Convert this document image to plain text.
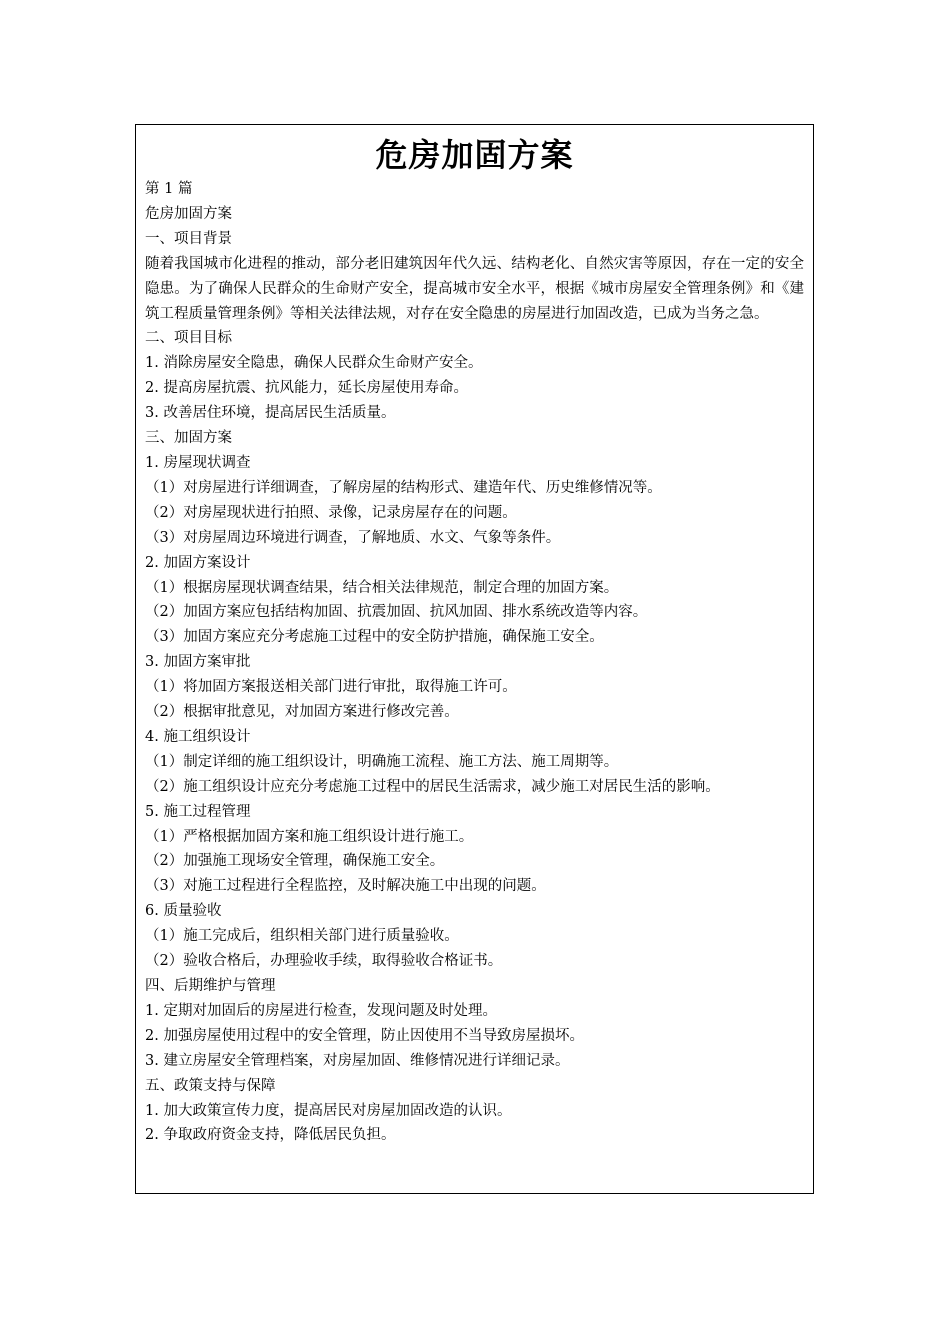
危房加固方案
第 1 篇
危房加固方案
一、项目背景
随着我国城市化进程的推动，部分老旧建筑因年代久远、结构老化、自然灾害等原因，存在一定的安全隐患。为了确保人民群众的生命财产安全，提高城市安全水平，根据《城市房屋安全管理条例》和《建筑工程质量管理条例》等相关法律法规，对存在安全隐患的房屋进行加固改造，已成为当务之急。
二、项目目标
1. 消除房屋安全隐患，确保人民群众生命财产安全。
2. 提高房屋抗震、抗风能力，延长房屋使用寿命。
3. 改善居住环境，提高居民生活质量。
三、加固方案
1. 房屋现状调查
（1）对房屋进行详细调查，了解房屋的结构形式、建造年代、历史维修情况等。
（2）对房屋现状进行拍照、录像，记录房屋存在的问题。
（3）对房屋周边环境进行调查，了解地质、水文、气象等条件。
2. 加固方案设计
（1）根据房屋现状调查结果，结合相关法律规范，制定合理的加固方案。
（2）加固方案应包括结构加固、抗震加固、抗风加固、排水系统改造等内容。
（3）加固方案应充分考虑施工过程中的安全防护措施，确保施工安全。
3. 加固方案审批
（1）将加固方案报送相关部门进行审批，取得施工许可。
（2）根据审批意见，对加固方案进行修改完善。
4. 施工组织设计
（1）制定详细的施工组织设计，明确施工流程、施工方法、施工周期等。
（2）施工组织设计应充分考虑施工过程中的居民生活需求，减少施工对居民生活的影响。
5. 施工过程管理
（1）严格根据加固方案和施工组织设计进行施工。
（2）加强施工现场安全管理，确保施工安全。
（3）对施工过程进行全程监控，及时解决施工中出现的问题。
6. 质量验收
（1）施工完成后，组织相关部门进行质量验收。
（2）验收合格后，办理验收手续，取得验收合格证书。
四、后期维护与管理
1. 定期对加固后的房屋进行检查，发现问题及时处理。
2. 加强房屋使用过程中的安全管理，防止因使用不当导致房屋损坏。
3. 建立房屋安全管理档案，对房屋加固、维修情况进行详细记录。
五、政策支持与保障
1. 加大政策宣传力度，提高居民对房屋加固改造的认识。
2. 争取政府资金支持，降低居民负担。
